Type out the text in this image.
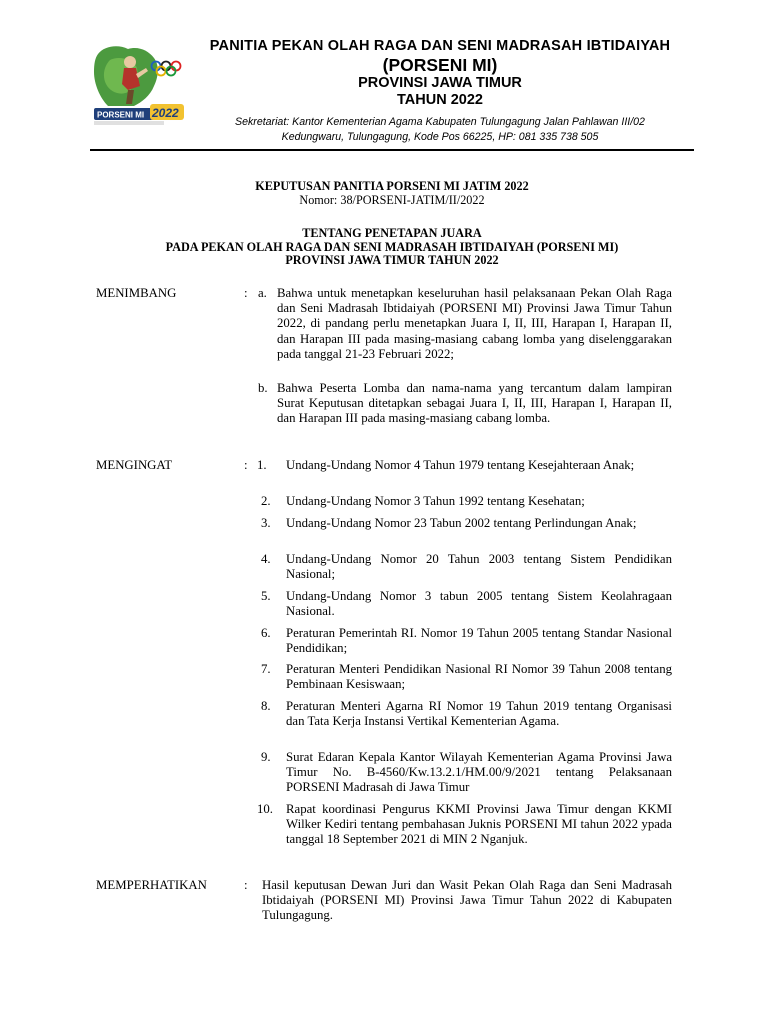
PORSENI MI 2022
PANITIA PEKAN OLAH RAGA DAN SENI MADRASAH IBTIDAIYAH
(PORSENI MI)
PROVINSI JAWA TIMUR
TAHUN 2022
Sekretariat: Kantor Kementerian Agama Kabupaten Tulungagung Jalan Pahlawan III/02
Kedungwaru, Tulungagung, Kode Pos 66225, HP: 081 335 738 505
KEPUTUSAN PANITIA PORSENI MI JATIM 2022
Nomor: 38/PORSENI-JATIM/II/2022
TENTANG PENETAPAN JUARA
PADA PEKAN OLAH RAGA DAN SENI MADRASAH IBTIDAIYAH (PORSENI MI)
PROVINSI JAWA TIMUR TAHUN 2022
MENIMBANG	: a. Bahwa untuk menetapkan keseluruhan hasil pelaksanaan Pekan Olah Raga dan Seni Madrasah Ibtidaiyah (PORSENI MI) Provinsi Jawa Timur Tahun 2022, di pandang perlu menetapkan Juara I, II, III, Harapan I, Harapan II, dan Harapan III pada masing-masiang cabang lomba yang diselenggarakan pada tanggal 21-23 Februari 2022;
b. Bahwa Peserta Lomba dan nama-nama yang tercantum dalam lampiran Surat Keputusan ditetapkan sebagai Juara I, II, III, Harapan I, Harapan II, dan Harapan III pada masing-masiang cabang lomba.
MENGINGAT	: 1. Undang-Undang Nomor 4 Tahun 1979 tentang Kesejahteraan Anak;
2. Undang-Undang Nomor 3 Tahun 1992 tentang Kesehatan;
3. Undang-Undang Nomor 23 Tabun 2002 tentang Perlindungan Anak;
4. Undang-Undang Nomor 20 Tahun 2003 tentang Sistem Pendidikan Nasional;
5. Undang-Undang Nomor 3 tabun 2005 tentang Sistem Keolahragaan Nasional.
6. Peraturan Pemerintah RI. Nomor 19 Tahun 2005 tentang Standar Nasional Pendidikan;
7. Peraturan Menteri Pendidikan Nasional RI Nomor 39 Tahun 2008 tentang Pembinaan Kesiswaan;
8. Peraturan Menteri Agarna RI Nomor 19 Tahun 2019 tentang Organisasi dan Tata Kerja Instansi Vertikal Kementerian Agama.
9. Surat Edaran Kepala Kantor Wilayah Kementerian Agama Provinsi Jawa Timur No. B-4560/Kw.13.2.1/HM.00/9/2021 tentang Pelaksanaan PORSENI Madrasah di Jawa Timur
10. Rapat koordinasi Pengurus KKMI Provinsi Jawa Timur dengan KKMI Wilker Kediri tentang pembahasan Juknis PORSENI MI tahun 2022 ypada tanggal 18 September 2021 di MIN 2 Nganjuk.
MEMPERHATIKAN	: Hasil keputusan Dewan Juri dan Wasit Pekan Olah Raga dan Seni Madrasah Ibtidaiyah (PORSENI MI) Provinsi Jawa Timur Tahun 2022 di Kabupaten Tulungagung.
